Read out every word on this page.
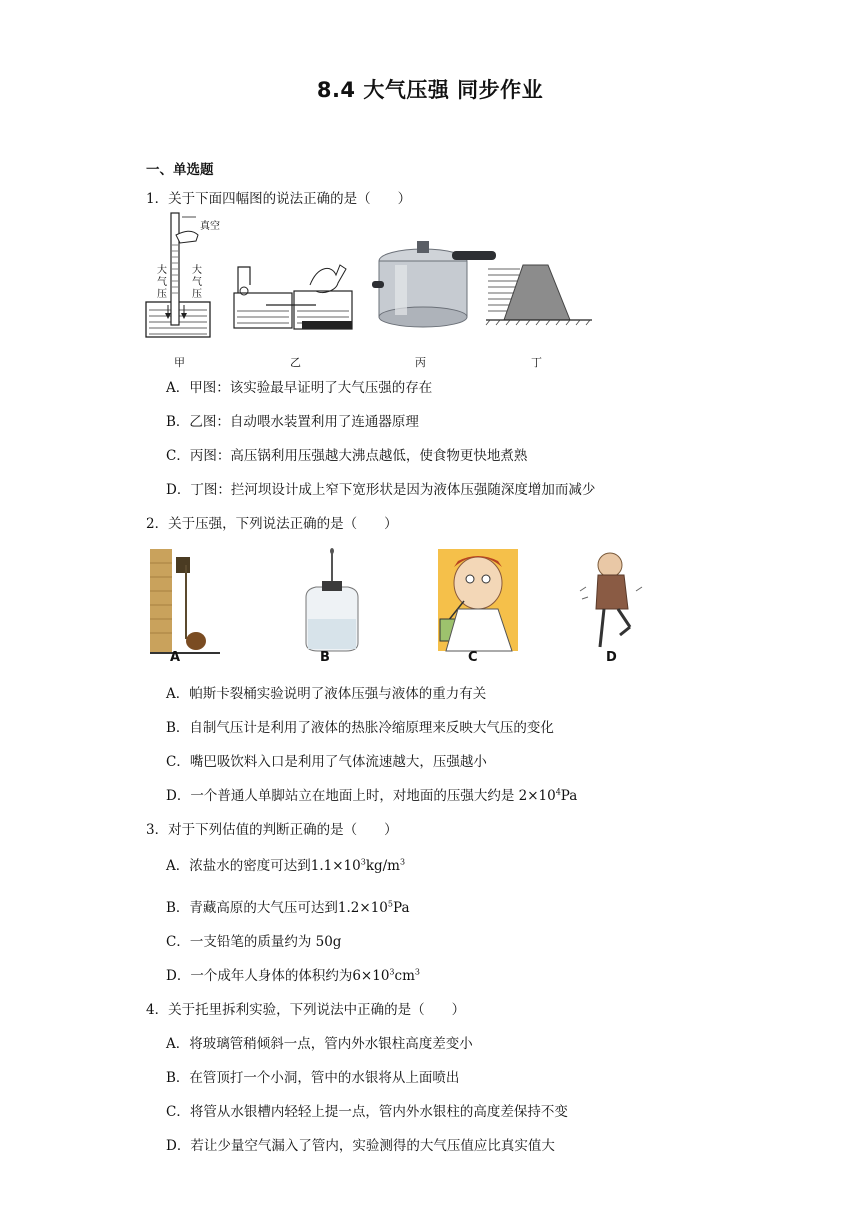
8.4 大气压强 同步作业
一、单选题
1．关于下面四幅图的说法正确的是（　　）
真空
大
气
压
大
气
压
甲	乙	丙	丁
A．甲图：该实验最早证明了大气压强的存在
B．乙图：自动喂水装置利用了连通器原理
C．丙图：高压锅利用压强越大沸点越低，使食物更快地煮熟
D．丁图：拦河坝设计成上窄下宽形状是因为液体压强随深度增加而减少
2．关于压强，下列说法正确的是（　　）
A	B	C	D
A．帕斯卡裂桶实验说明了液体压强与液体的重力有关
B．自制气压计是利用了液体的热胀冷缩原理来反映大气压的变化
C．嘴巴吸饮料入口是利用了气体流速越大，压强越小
D．一个普通人单脚站立在地面上时，对地面的压强大约是 $2\times 10^4Pa$
3．对于下列估值的判断正确的是（　　）
A．浓盐水的密度可达到$1.1\times 10^3kg/m^3$
B．青藏高原的大气压可达到$1.2\times 10^5Pa$
C．一支铅笔的质量约为 50g
D．一个成年人身体的体积约为$6\times 10^3cm^3$
4．关于托里拆利实验，下列说法中正确的是（　　）
A．将玻璃管稍倾斜一点，管内外水银柱高度差变小
B．在管顶打一个小洞，管中的水银将从上面喷出
C．将管从水银槽内轻轻上提一点，管内外水银柱的高度差保持不变
D．若让少量空气漏入了管内，实验测得的大气压值应比真实值大
